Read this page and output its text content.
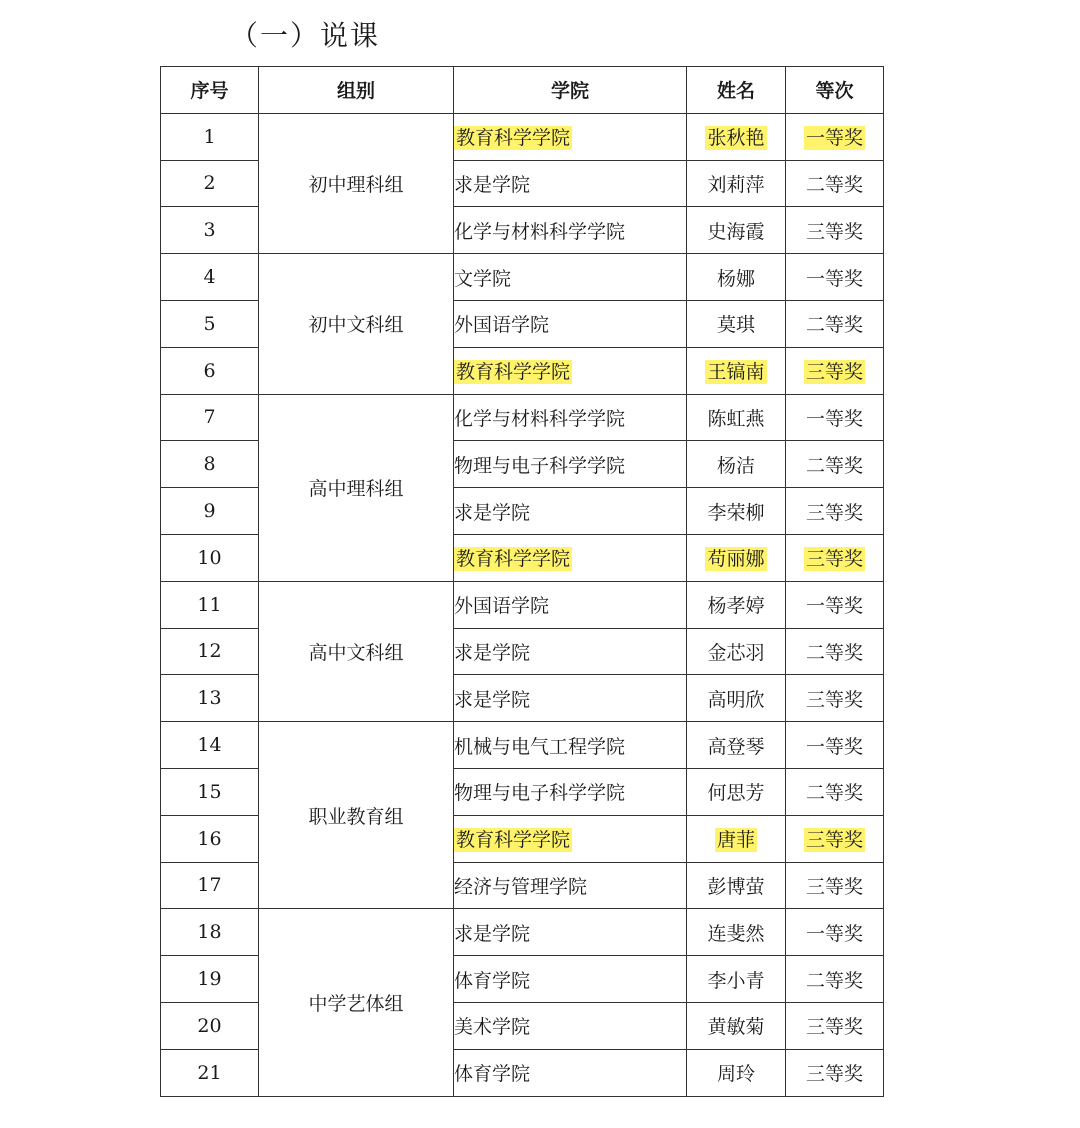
（一）说课
序号	组别	学院	姓名	等次
1	初中理科组	教育科学学院	张秋艳	一等奖
2		求是学院	刘莉萍	二等奖
3		化学与材料科学学院	史海霞	三等奖
4	初中文科组	文学院	杨娜	一等奖
5		外国语学院	莫琪	二等奖
6		教育科学学院	王镐南	三等奖
7	高中理科组	化学与材料科学学院	陈虹燕	一等奖
8		物理与电子科学学院	杨洁	二等奖
9		求是学院	李荣柳	三等奖
10		教育科学学院	苟丽娜	三等奖
11	高中文科组	外国语学院	杨孝婷	一等奖
12		求是学院	金芯羽	二等奖
13		求是学院	高明欣	三等奖
14	职业教育组	机械与电气工程学院	高登琴	一等奖
15		物理与电子科学学院	何思芳	二等奖
16		教育科学学院	唐菲	三等奖
17		经济与管理学院	彭博萤	三等奖
18	中学艺体组	求是学院	连斐然	一等奖
19		体育学院	李小青	二等奖
20		美术学院	黄敏菊	三等奖
21		体育学院	周玲	三等奖
